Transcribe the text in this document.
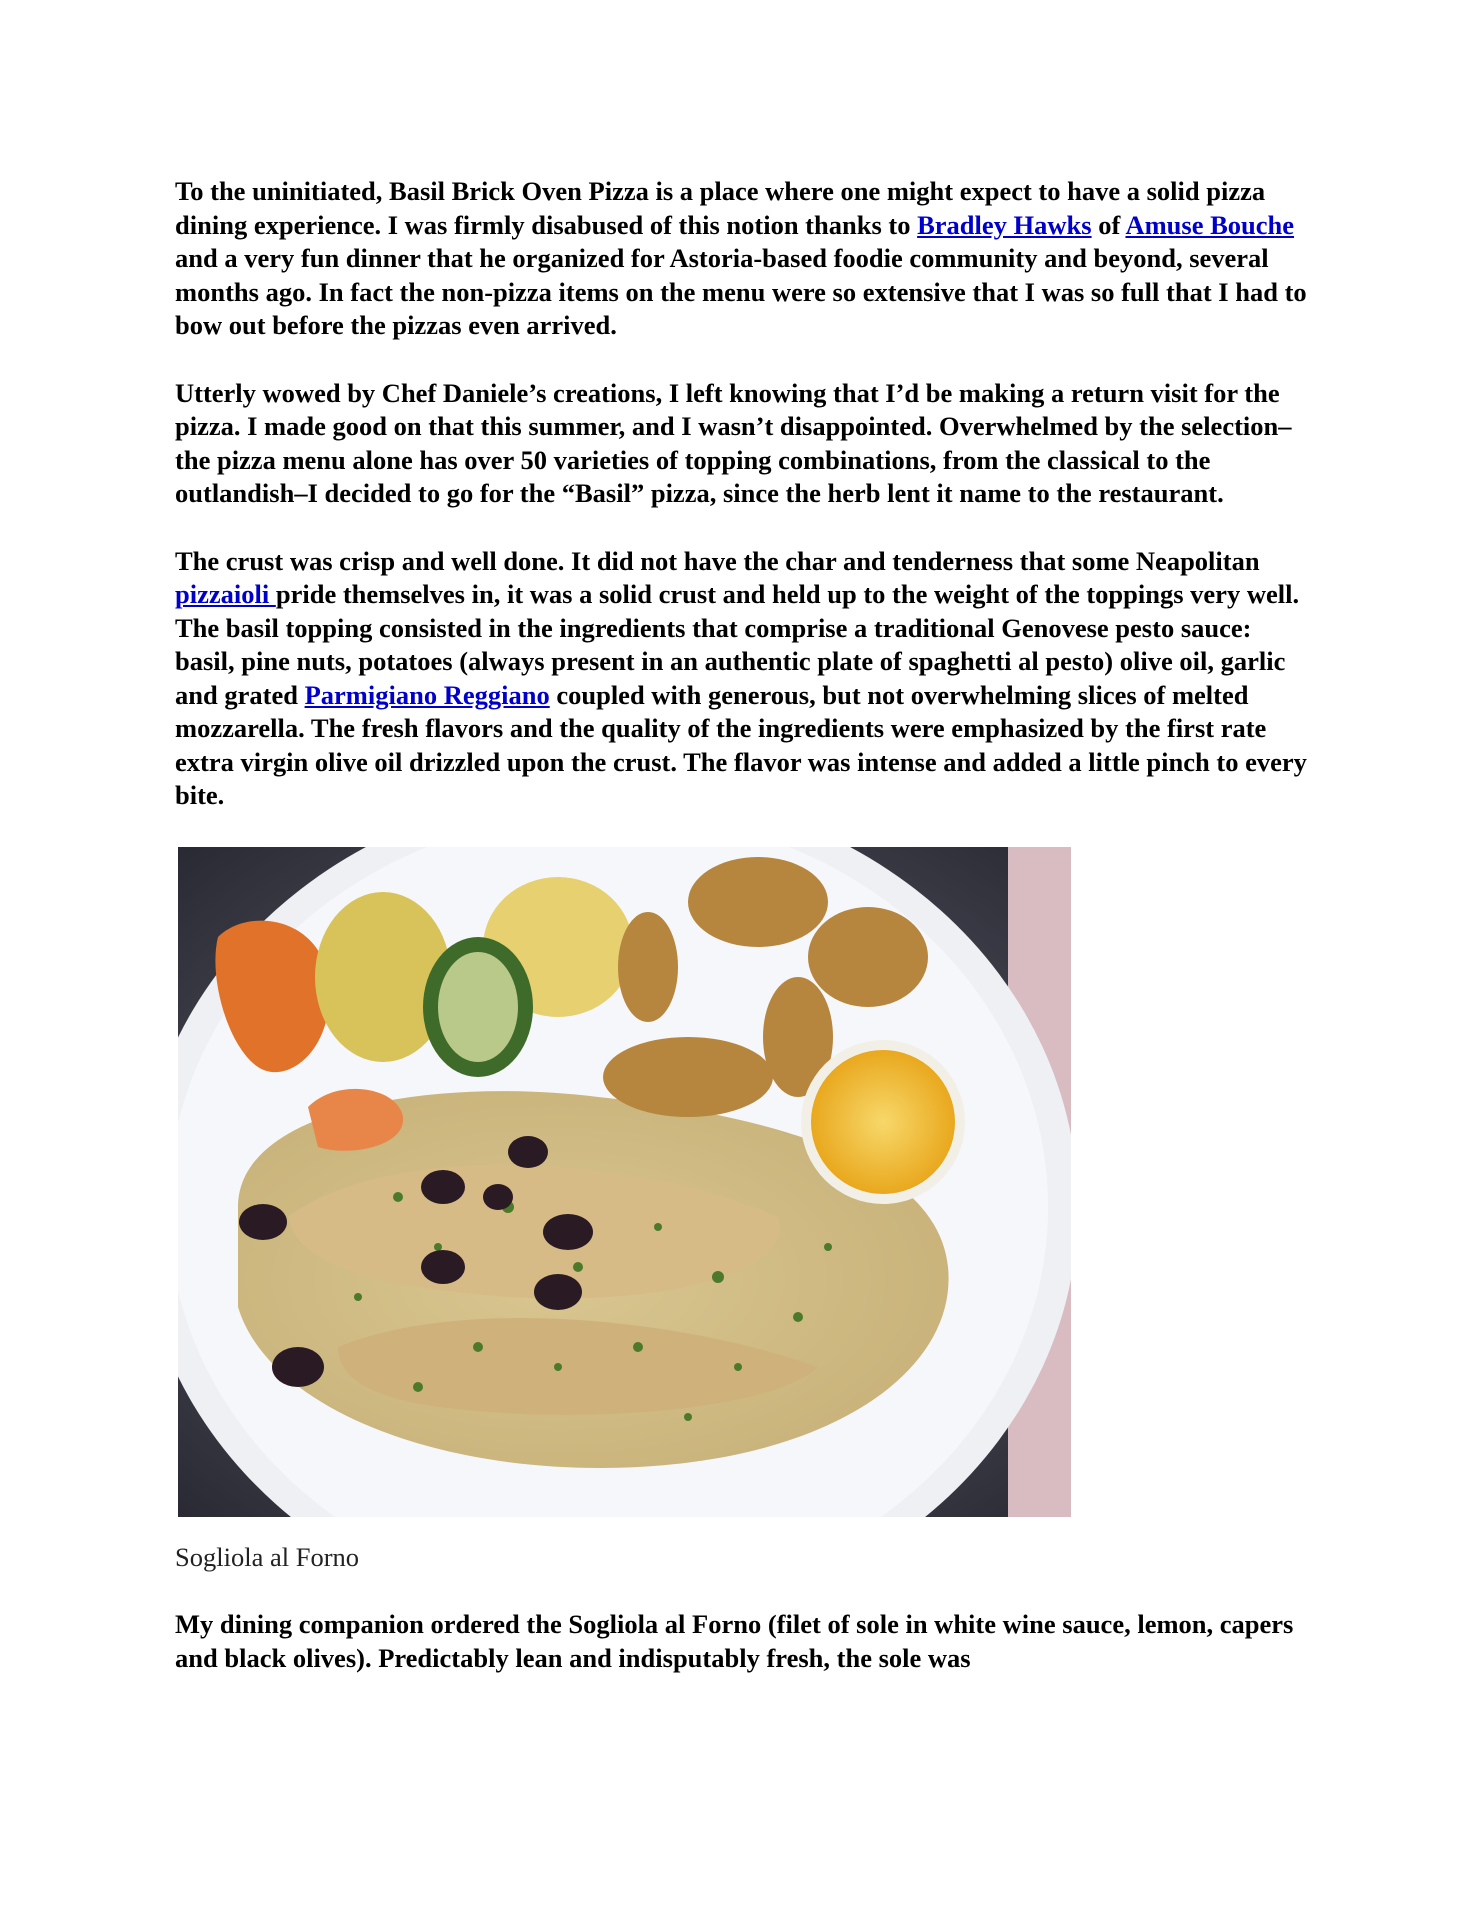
To the uninitiated, Basil Brick Oven Pizza is a place where one might expect to have a solid pizza dining experience. I was firmly disabused of this notion thanks to Bradley Hawks of Amuse Bouche and a very fun dinner that he organized for Astoria-based foodie community and beyond, several months ago. In fact the non-pizza items on the menu were so extensive that I was so full that I had to bow out before the pizzas even arrived.

Utterly wowed by Chef Daniele’s creations, I left knowing that I’d be making a return visit for the pizza. I made good on that this summer, and I wasn’t disappointed. Overwhelmed by the selection–the pizza menu alone has over 50 varieties of topping combinations, from the classical to the outlandish–I decided to go for the “Basil” pizza, since the herb lent it name to the restaurant.

The crust was crisp and well done. It did not have the char and tenderness that some Neapolitan pizzaioli pride themselves in, it was a solid crust and held up to the weight of the toppings very well. The basil topping consisted in the ingredients that comprise a traditional Genovese pesto sauce: basil, pine nuts, potatoes (always present in an authentic plate of spaghetti al pesto) olive oil, garlic and grated Parmigiano Reggiano coupled with generous, but not overwhelming slices of melted mozzarella. The fresh flavors and the quality of the ingredients were emphasized by the first rate extra virgin olive oil drizzled upon the crust. The flavor was intense and added a little pinch to every bite.

Sogliola al Forno

My dining companion ordered the Sogliola al Forno (filet of sole in white wine sauce, lemon, capers and black olives). Predictably lean and indisputably fresh, the sole was
